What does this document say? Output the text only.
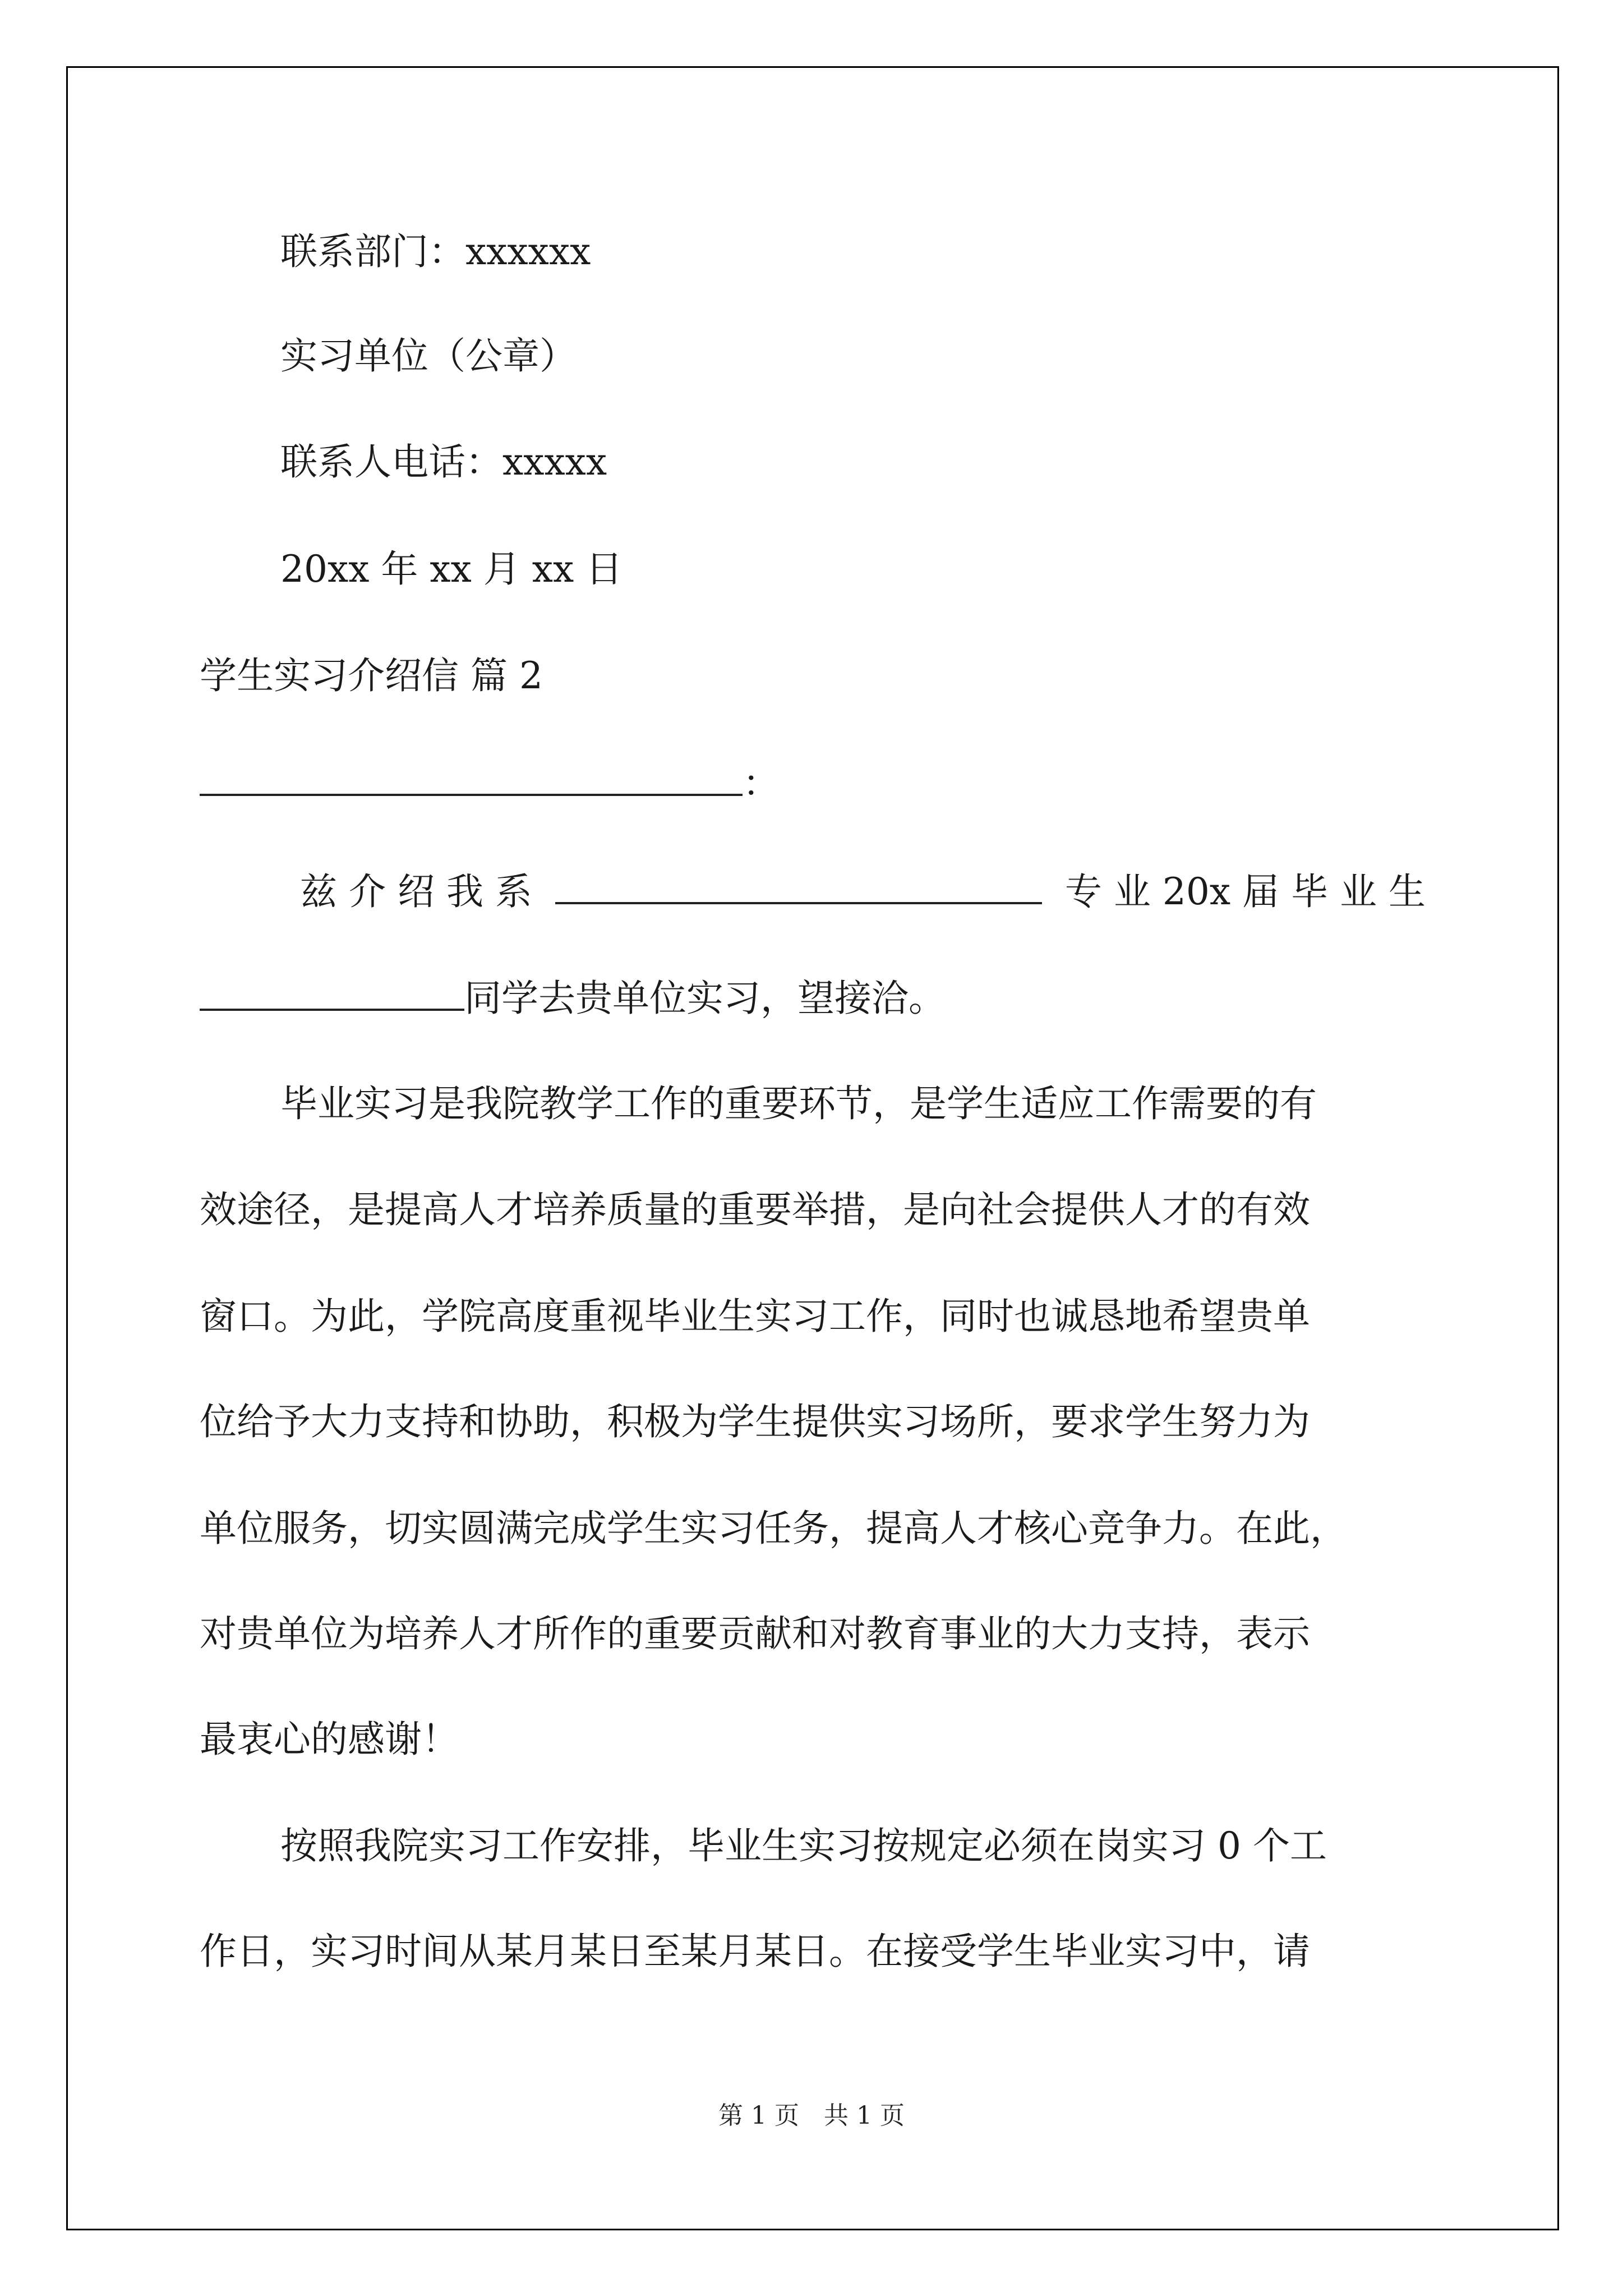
联系部门：xxxxxx
实习单位（公章）
联系人电话：xxxxx
20xx 年 xx 月 xx 日
学生实习介绍信 篇 2
：
兹 介 绍 我 系	专 业 20x 届 毕 业 生
同学去贵单位实习，望接洽。
毕业实习是我院教学工作的重要环节，是学生适应工作需要的有
效途径，是提高人才培养质量的重要举措，是向社会提供人才的有效
窗口。为此，学院高度重视毕业生实习工作，同时也诚恳地希望贵单
位给予大力支持和协助，积极为学生提供实习场所，要求学生努力为
单位服务，切实圆满完成学生实习任务，提高人才核心竞争力。在此，
对贵单位为培养人才所作的重要贡献和对教育事业的大力支持，表示
最衷心的感谢！
按照我院实习工作安排，毕业生实习按规定必须在岗实习 0 个工
作日，实习时间从某月某日至某月某日。在接受学生毕业实习中，请
第 1 页　共 1 页
